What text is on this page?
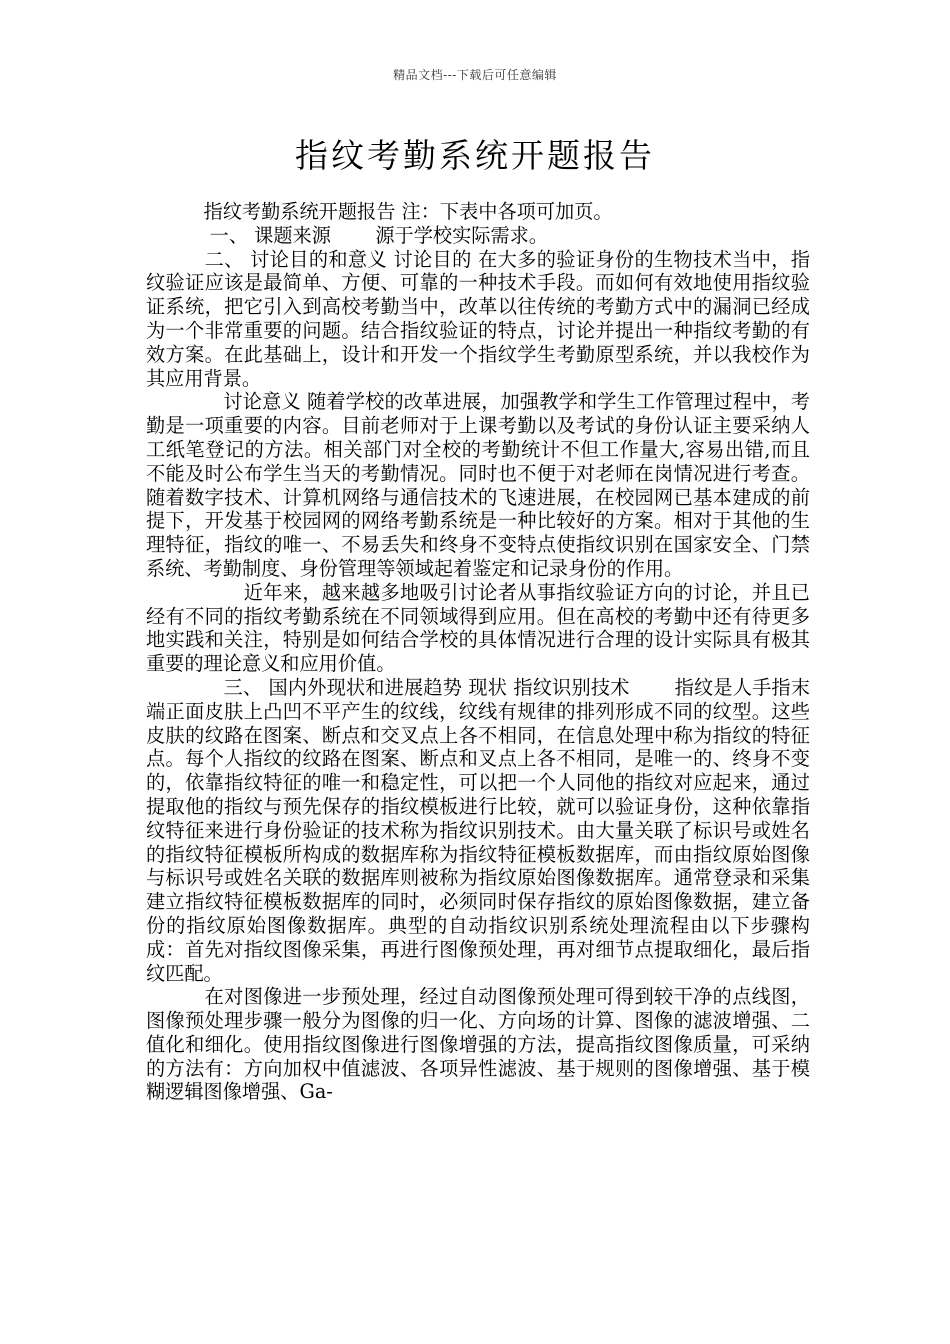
精品文档---下载后可任意编辑
指纹考勤系统开题报告

　　　指纹考勤系统开题报告 注：下表中各项可加页。

　　　 一、 课题来源　　 源于学校实际需求。

　　　二、 讨论目的和意义 讨论目的 在大多的验证身份的生物技术当中，指纹验证应该是最简单、方便、可靠的一种技术手段。而如何有效地使用指纹验证系统，把它引入到高校考勤当中，改革以往传统的考勤方式中的漏洞已经成为一个非常重要的问题。结合指纹验证的特点，讨论并提出一种指纹考勤的有效方案。在此基础上，设计和开发一个指纹学生考勤原型系统，并以我校作为其应用背景。

　　　　讨论意义 随着学校的改革进展，加强教学和学生工作管理过程中，考勤是一项重要的内容。目前老师对于上课考勤以及考试的身份认证主要采纳人工纸笔登记的方法。相关部门对全校的考勤统计不但工作量大,容易出错,而且不能及时公布学生当天的考勤情况。同时也不便于对老师在岗情况进行考查。随着数字技术、计算机网络与通信技术的飞速进展，在校园网已基本建成的前提下，开发基于校园网的网络考勤系统是一种比较好的方案。相对于其他的生理特征，指纹的唯一、不易丢失和终身不变特点使指纹识别在国家安全、门禁系统、考勤制度、身份管理等领域起着鉴定和记录身份的作用。

　　　　　近年来，越来越多地吸引讨论者从事指纹验证方向的讨论，并且已经有不同的指纹考勤系统在不同领域得到应用。但在高校的考勤中还有待更多地实践和关注，特别是如何结合学校的具体情况进行合理的设计实际具有极其重要的理论意义和应用价值。

　　　　三、 国内外现状和进展趋势 现状 指纹识别技术　　 指纹是人手指末端正面皮肤上凸凹不平产生的纹线，纹线有规律的排列形成不同的纹型。这些皮肤的纹路在图案、断点和交叉点上各不相同，在信息处理中称为指纹的特征点。每个人指纹的纹路在图案、断点和叉点上各不相同，是唯一的、终身不变的，依靠指纹特征的唯一和稳定性，可以把一个人同他的指纹对应起来，通过提取他的指纹与预先保存的指纹模板进行比较，就可以验证身份，这种依靠指纹特征来进行身份验证的技术称为指纹识别技术。由大量关联了标识号或姓名的指纹特征模板所构成的数据库称为指纹特征模板数据库，而由指纹原始图像与标识号或姓名关联的数据库则被称为指纹原始图像数据库。通常登录和采集建立指纹特征模板数据库的同时，必须同时保存指纹的原始图像数据，建立备份的指纹原始图像数据库。典型的自动指纹识别系统处理流程由以下步骤构成：首先对指纹图像采集，再进行图像预处理，再对细节点提取细化，最后指纹匹配。

　　　在对图像进一步预处理，经过自动图像预处理可得到较干净的点线图，图像预处理步骤一般分为图像的归一化、方向场的计算、图像的滤波增强、二值化和细化。使用指纹图像进行图像增强的方法，提高指纹图像质量，可采纳的方法有：方向加权中值滤波、各项异性滤波、基于规则的图像增强、基于模糊逻辑图像增强、Ga-
